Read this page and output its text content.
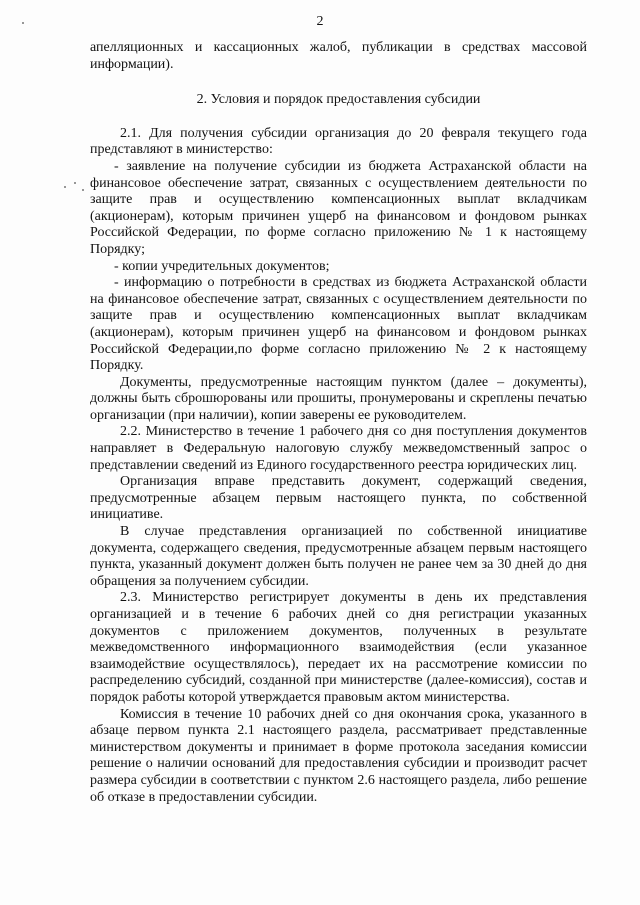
2

апелляционных и кассационных жалоб, публикации в средствах массовой информации).

2. Условия и порядок предоставления субсидии

2.1. Для получения субсидии организация до 20 февраля текущего года представляют в министерство:

- заявление на получение субсидии из бюджета Астраханской области на финансовое обеспечение затрат, связанных с осуществлением деятельности по защите прав и осуществлению компенсационных выплат вкладчикам (акционерам), которым причинен ущерб на финансовом и фондовом рынках Российской Федерации, по форме согласно приложению № 1 к настоящему Порядку;

- копии учредительных документов;

- информацию о потребности в средствах из бюджета Астраханской области на финансовое обеспечение затрат, связанных с осуществлением деятельности по защите прав и осуществлению компенсационных выплат вкладчикам (акционерам), которым причинен ущерб на финансовом и фондовом рынках Российской Федерации,по форме согласно приложению № 2 к настоящему Порядку.

Документы, предусмотренные настоящим пунктом (далее – документы), должны быть сброшюрованы или прошиты, пронумерованы и скреплены печатью организации (при наличии), копии заверены ее руководителем.

2.2. Министерство в течение 1 рабочего дня со дня поступления документов направляет в Федеральную налоговую службу межведомственный запрос о представлении сведений из Единого государственного реестра юридических лиц.

Организация вправе представить документ, содержащий сведения, предусмотренные абзацем первым настоящего пункта, по собственной инициативе.

В случае представления организацией по собственной инициативе документа, содержащего сведения, предусмотренные абзацем первым настоящего пункта, указанный документ должен быть получен не ранее чем за 30 дней до дня обращения за получением субсидии.

2.3. Министерство регистрирует документы в день их представления организацией и в течение 6 рабочих дней со дня регистрации указанных документов с приложением документов, полученных в результате межведомственного информационного взаимодействия (если указанное взаимодействие осуществлялось), передает их на рассмотрение комиссии по распределению субсидий, созданной при министерстве (далее-комиссия), состав и порядок работы которой утверждается правовым актом министерства.

Комиссия в течение 10 рабочих дней со дня окончания срока, указанного в абзаце первом пункта 2.1 настоящего раздела, рассматривает представленные министерством документы и принимает в форме протокола заседания комиссии решение о наличии оснований для предоставления субсидии и производит расчет размера субсидии в соответствии с пунктом 2.6 настоящего раздела, либо решение об отказе в предоставлении субсидии.
